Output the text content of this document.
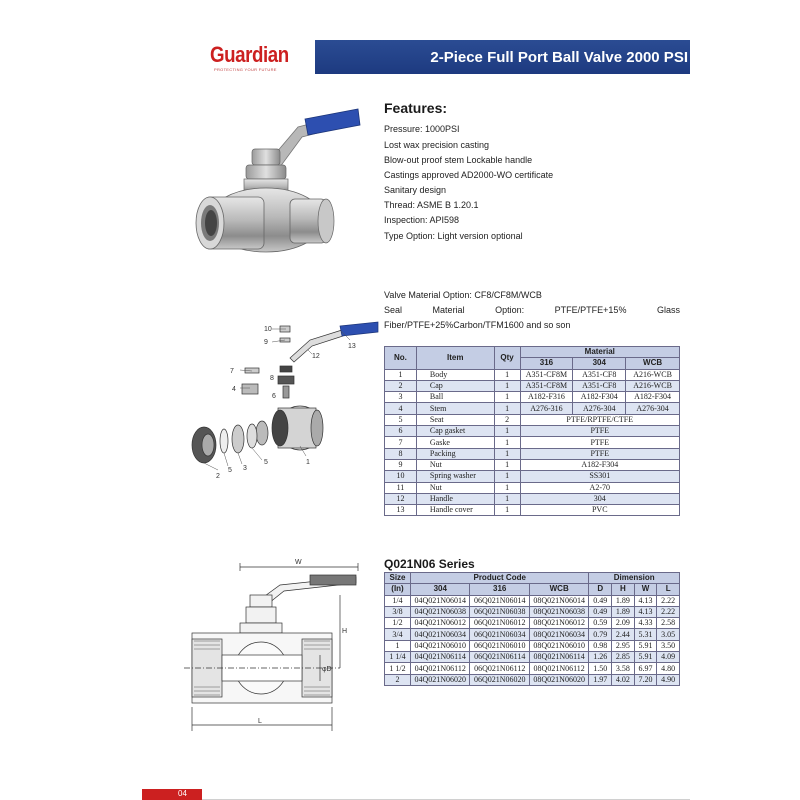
Guardian
PROTECTING YOUR FUTURE
2-Piece Full Port Ball Valve 2000 PSI
Features:
Pressure: 1000PSI
Lost wax precision casting
Blow-out proof stem Lockable handle
Castings approved AD2000-WO certificate
Sanitary design
Thread: ASME B 1.20.1
Inspection: API598
Type Option: Light version optional
Valve Material Option: CF8/CF8M/WCB
Seal Material Option: PTFE/PTFE+15% Glass Fiber/PTFE+25%Carbon/TFM1600 and so son
10
9
13
12
7
8
4
6
1
5
3
5
2
No.	Item	Qty	Material		
			316	304	WCB
1	Body	1	A351-CF8M	A351-CF8	A216-WCB
2	Cap	1	A351-CF8M	A351-CF8	A216-WCB
3	Ball	1	A182-F316	A182-F304	A182-F304
4	Stem	1	A276-316	A276-304	A276-304
5	Seat	2	PTFE/RPTFE/CTFE		
6	Cap gasket	1	PTFE		
7	Gaske	1	PTFE		
8	Packing	1	PTFE		
9	Nut	1	A182-F304		
10	Spring washer	1	SS301		
11	Nut	1	A2-70		
12	Handle	1	304		
13	Handle cover	1	PVC		
Q021N06 Series
W
H
φD
L
Size	Product Code			Dimension			
(In)	304	316	WCB	D	H	W	L
1/4	04Q021N06014	06Q021N06014	08Q021N06014	0.49	1.89	4.13	2.22
3/8	04Q021N06038	06Q021N06038	08Q021N06038	0.49	1.89	4.13	2.22
1/2	04Q021N06012	06Q021N06012	08Q021N06012	0.59	2.09	4.33	2.58
3/4	04Q021N06034	06Q021N06034	08Q021N06034	0.79	2.44	5.31	3.05
1	04Q021N06010	06Q021N06010	08Q021N06010	0.98	2.95	5.91	3.50
1 1/4	04Q021N06114	06Q021N06114	08Q021N06114	1.26	2.85	5.91	4.09
1 1/2	04Q021N06112	06Q021N06112	08Q021N06112	1.50	3.58	6.97	4.80
2	04Q021N06020	06Q021N06020	08Q021N06020	1.97	4.02	7.20	4.90
04
